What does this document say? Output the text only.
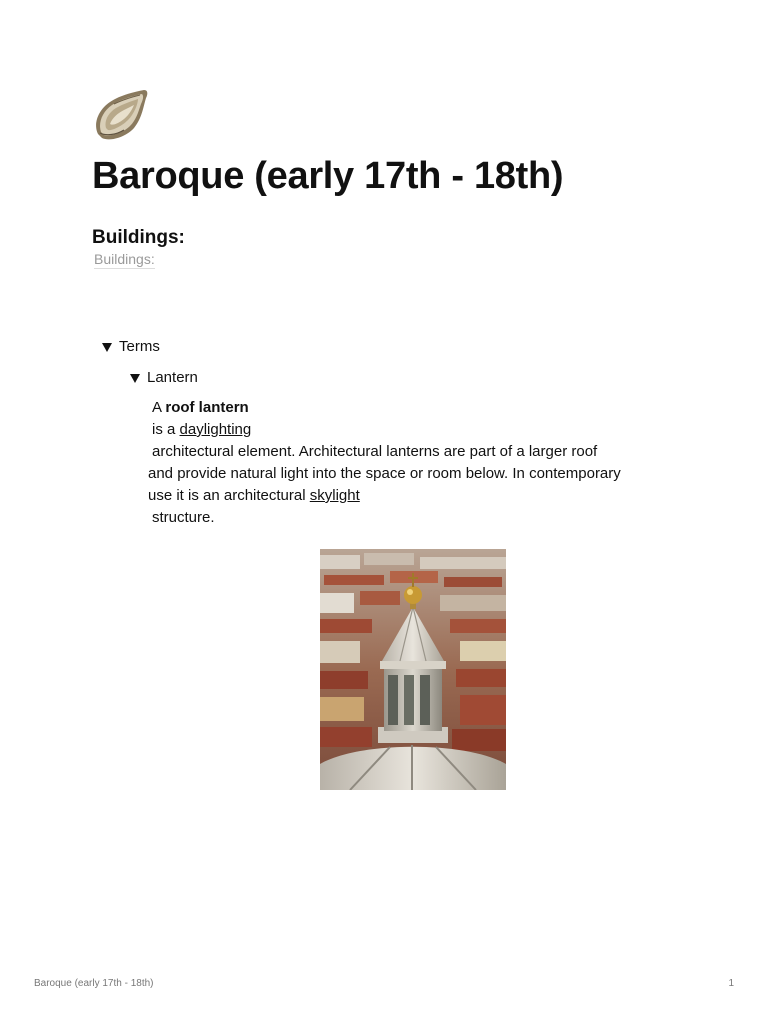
Baroque (early 17th - 18th)
Buildings:
Buildings:
Terms
Lantern
A roof lantern
is a daylighting
architectural element. Architectural lanterns are part of a larger roof
and provide natural light into the space or room below. In contemporary
use it is an architectural skylight
structure.
Baroque (early 17th - 18th)	1
